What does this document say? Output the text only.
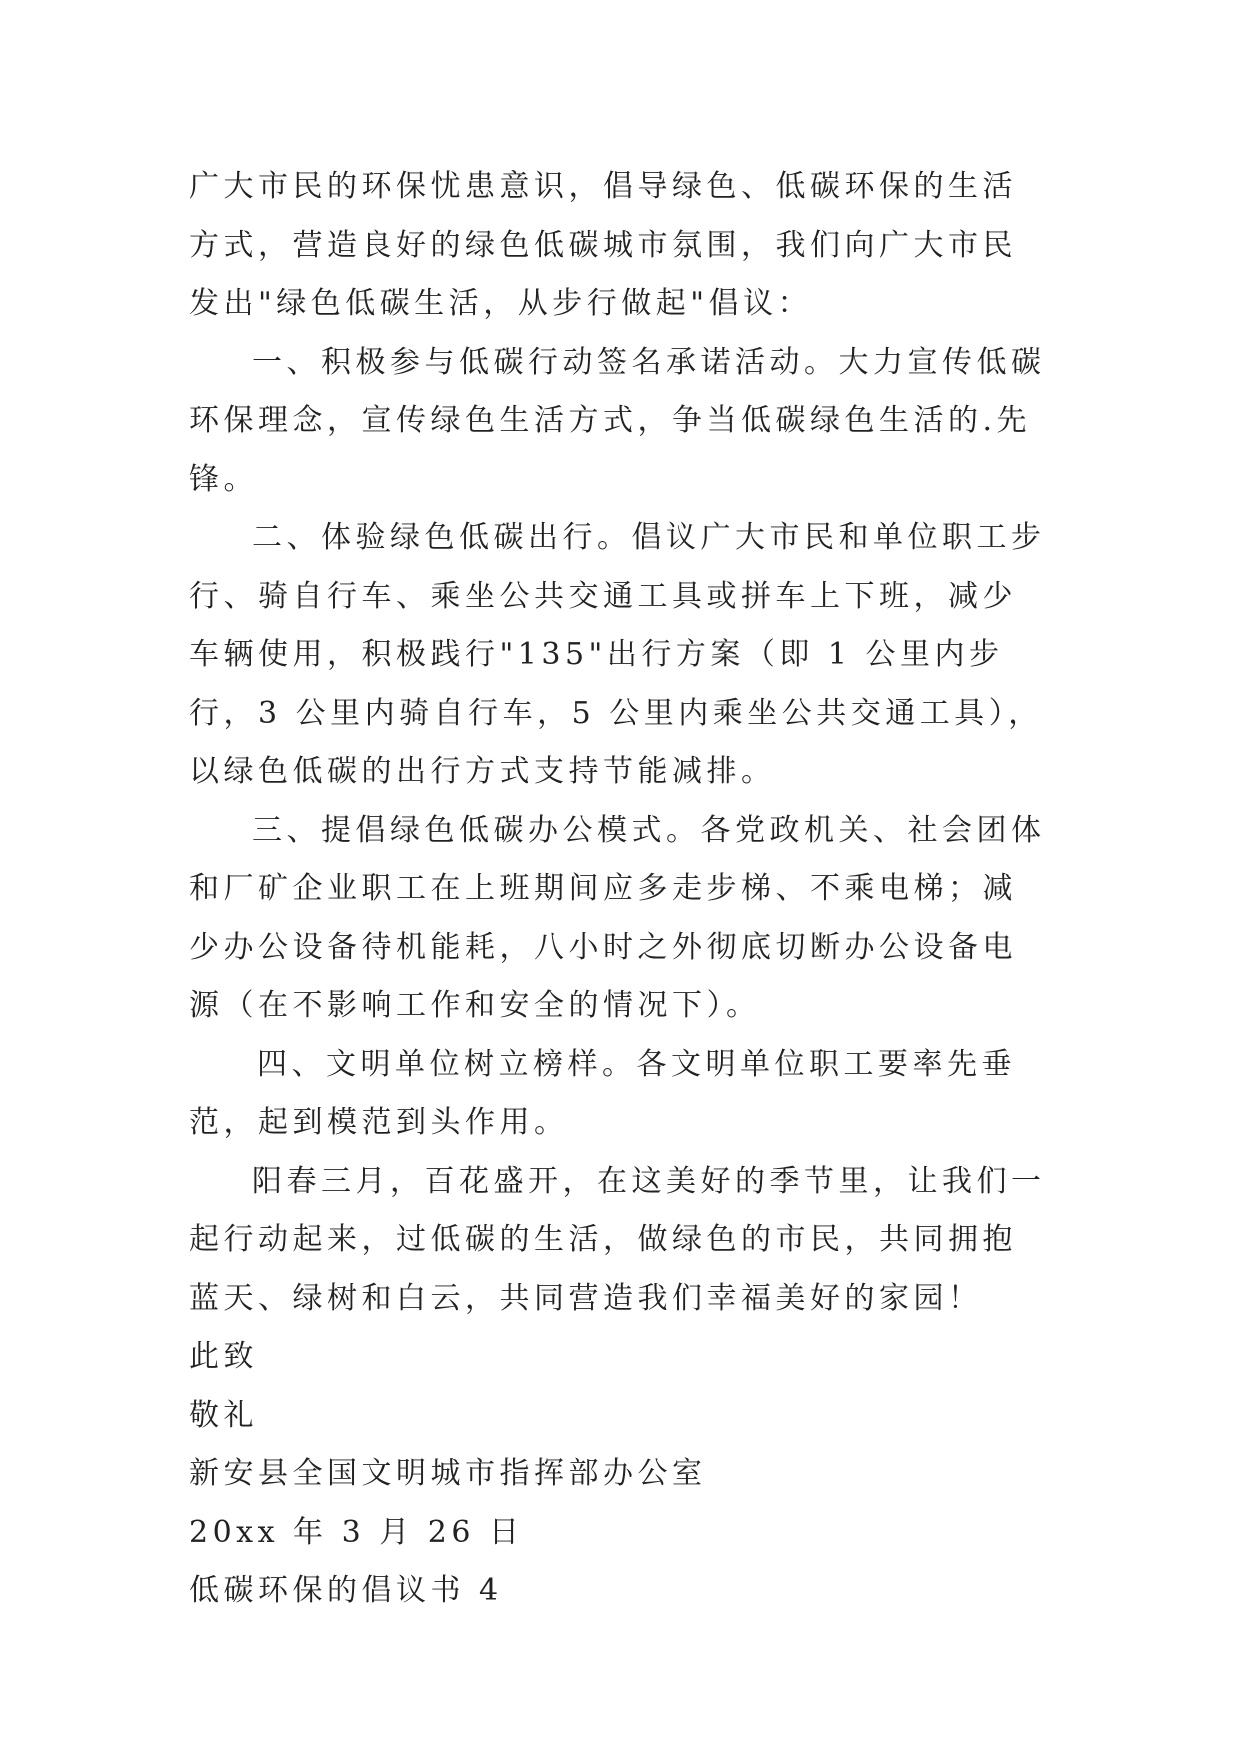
广大市民的环保忧患意识，倡导绿色、低碳环保的生活方式，营造良好的绿色低碳城市氛围，我们向广大市民发出"绿色低碳生活，从步行做起"倡议：

一、积极参与低碳行动签名承诺活动。大力宣传低碳环保理念，宣传绿色生活方式，争当低碳绿色生活的.先锋。

二、体验绿色低碳出行。倡议广大市民和单位职工步行、骑自行车、乘坐公共交通工具或拼车上下班，减少车辆使用，积极践行"135"出行方案（即 1 公里内步行，3 公里内骑自行车，5 公里内乘坐公共交通工具），以绿色低碳的出行方式支持节能减排。

三、提倡绿色低碳办公模式。各党政机关、社会团体和厂矿企业职工在上班期间应多走步梯、不乘电梯；减少办公设备待机能耗，八小时之外彻底切断办公设备电源（在不影响工作和安全的情况下）。

四、文明单位树立榜样。各文明单位职工要率先垂范，起到模范到头作用。

阳春三月，百花盛开，在这美好的季节里，让我们一起行动起来，过低碳的生活，做绿色的市民，共同拥抱蓝天、绿树和白云，共同营造我们幸福美好的家园！

此致

敬礼

新安县全国文明城市指挥部办公室

20xx 年 3 月 26 日

低碳环保的倡议书 4
